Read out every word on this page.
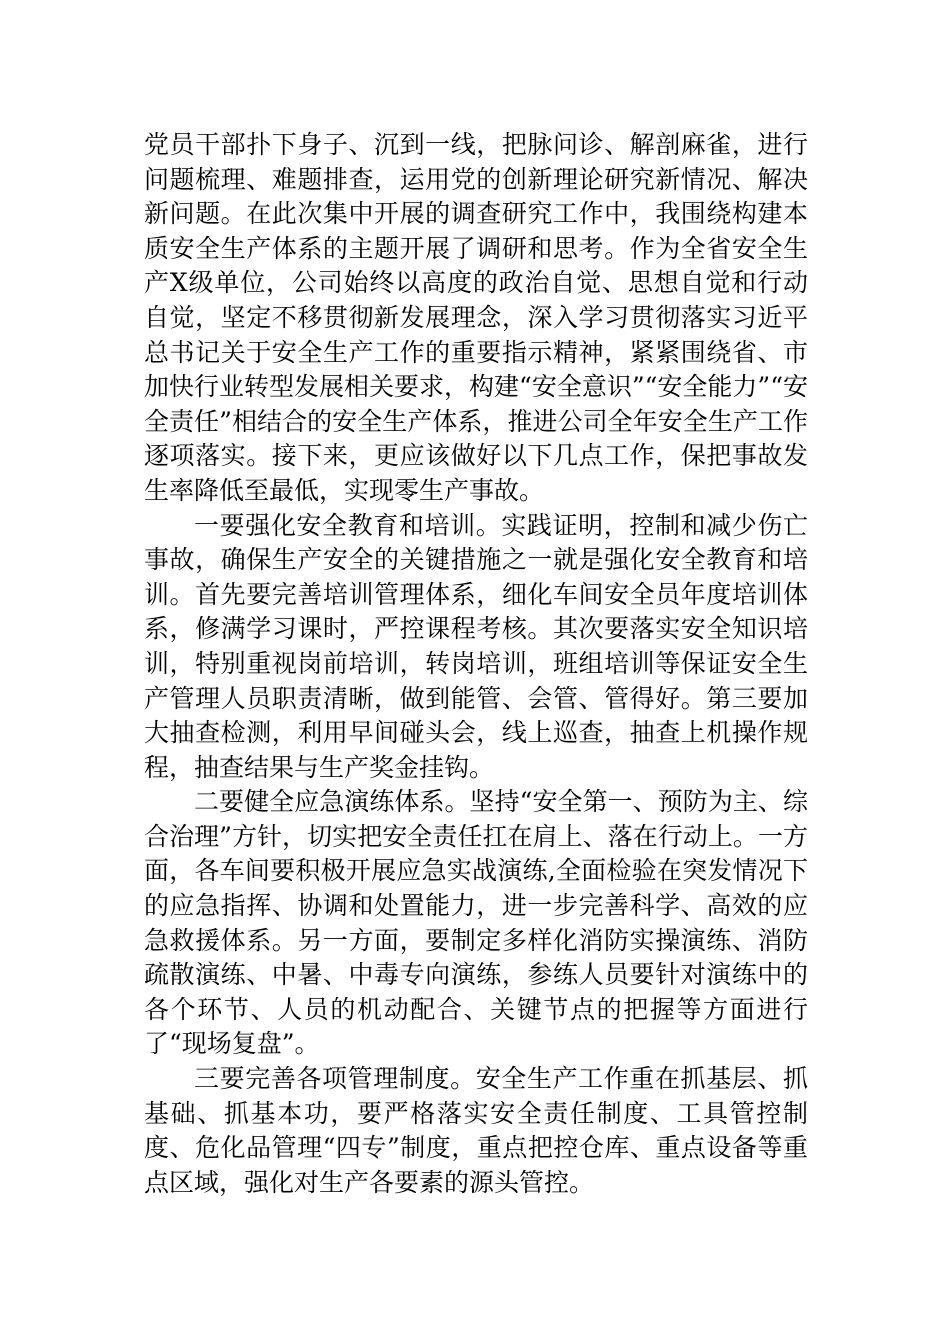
党员干部扑下身子、沉到一线，把脉问诊、解剖麻雀，进行问题梳理、难题排查，运用党的创新理论研究新情况、解决新问题。在此次集中开展的调查研究工作中，我围绕构建本质安全生产体系的主题开展了调研和思考。作为全省安全生产X级单位，公司始终以高度的政治自觉、思想自觉和行动自觉，坚定不移贯彻新发展理念，深入学习贯彻落实习近平总书记关于安全生产工作的重要指示精神，紧紧围绕省、市加快行业转型发展相关要求，构建“安全意识”“安全能力”“安全责任”相结合的安全生产体系，推进公司全年安全生产工作逐项落实。接下来，更应该做好以下几点工作，保把事故发生率降低至最低，实现零生产事故。

一要强化安全教育和培训。实践证明，控制和减少伤亡事故，确保生产安全的关键措施之一就是强化安全教育和培训。首先要完善培训管理体系，细化车间安全员年度培训体系，修满学习课时，严控课程考核。其次要落实安全知识培训，特别重视岗前培训，转岗培训，班组培训等保证安全生产管理人员职责清晰，做到能管、会管、管得好。第三要加大抽查检测，利用早间碰头会，线上巡查，抽查上机操作规程，抽查结果与生产奖金挂钩。

二要健全应急演练体系。坚持“安全第一、预防为主、综合治理”方针，切实把安全责任扛在肩上、落在行动上。一方面，各车间要积极开展应急实战演练,全面检验在突发情况下的应急指挥、协调和处置能力，进一步完善科学、高效的应急救援体系。另一方面，要制定多样化消防实操演练、消防疏散演练、中暑、中毒专向演练，参练人员要针对演练中的各个环节、人员的机动配合、关键节点的把握等方面进行了“现场复盘”。

三要完善各项管理制度。安全生产工作重在抓基层、抓基础、抓基本功，要严格落实安全责任制度、工具管控制度、危化品管理“四专”制度，重点把控仓库、重点设备等重点区域，强化对生产各要素的源头管控。
